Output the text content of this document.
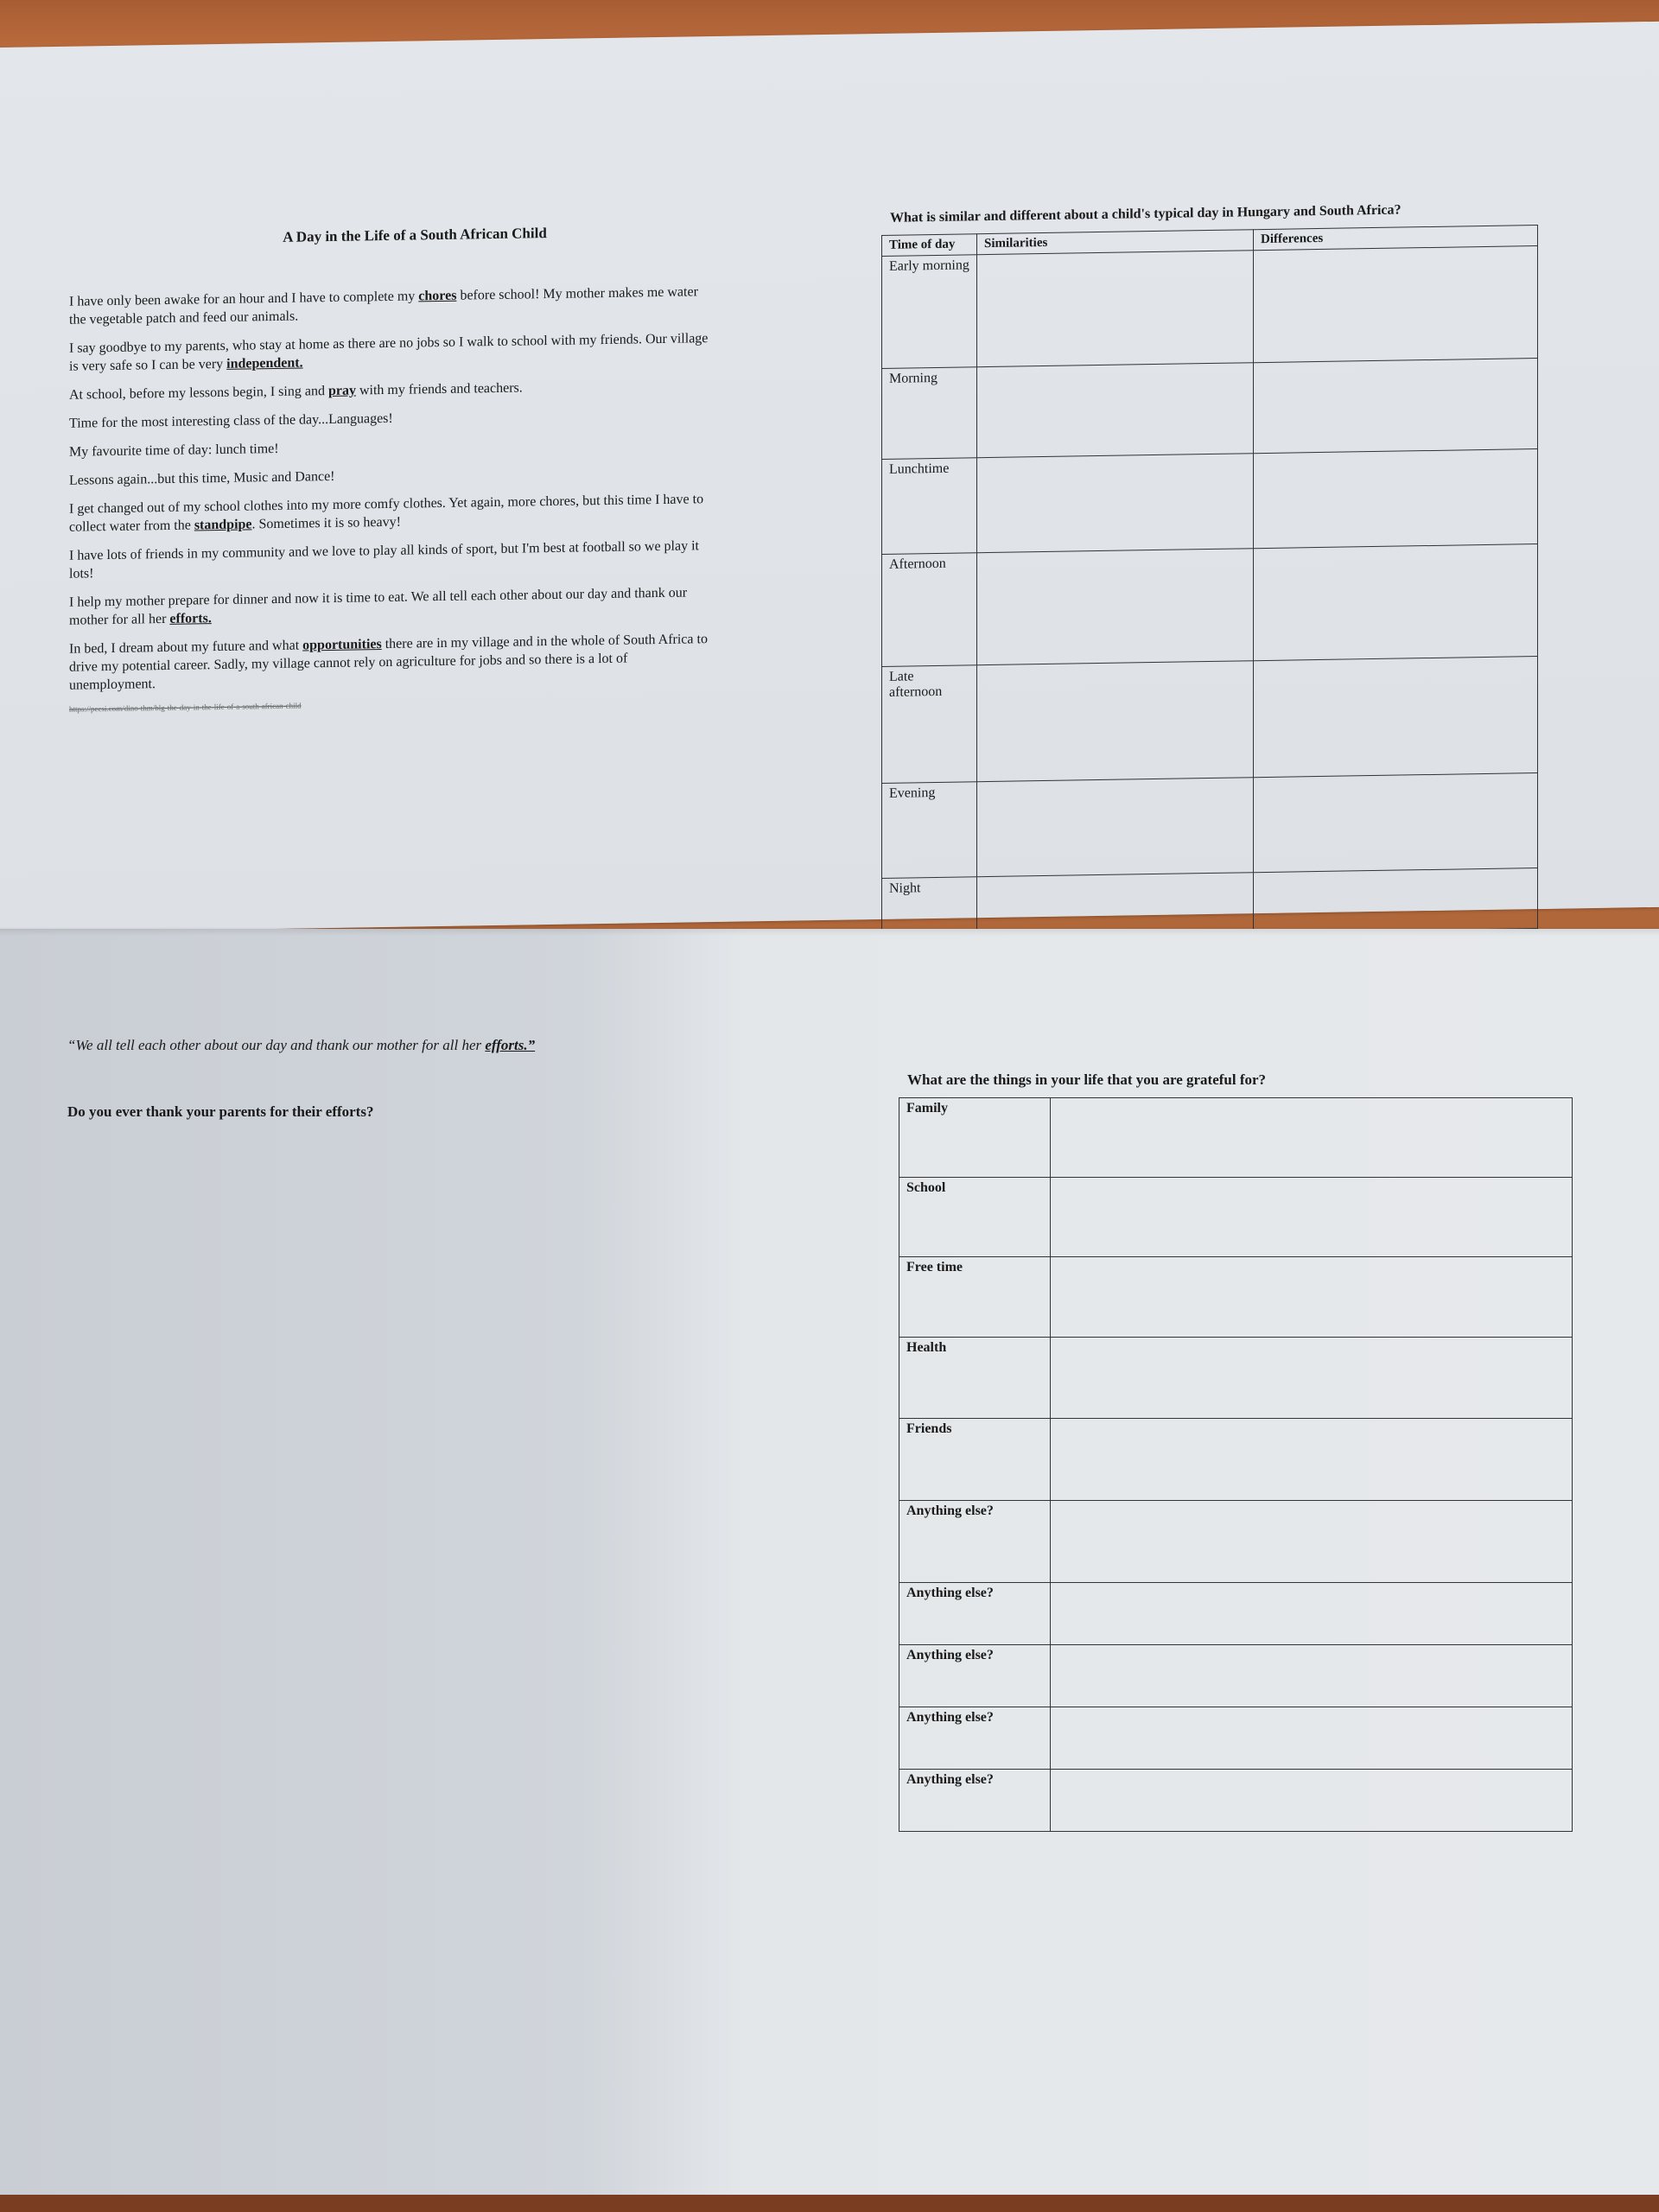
A Day in the Life of a South African Child

I have only been awake for an hour and I have to complete my chores before school! My mother makes me water the vegetable patch and feed our animals.

I say goodbye to my parents, who stay at home as there are no jobs so I walk to school with my friends. Our village is very safe so I can be very independent.

At school, before my lessons begin, I sing and pray with my friends and teachers.

Time for the most interesting class of the day...Languages!

My favourite time of day: lunch time!

Lessons again...but this time, Music and Dance!

I get changed out of my school clothes into my more comfy clothes. Yet again, more chores, but this time I have to collect water from the standpipe. Sometimes it is so heavy!

I have lots of friends in my community and we love to play all kinds of sport, but I'm best at football so we play it lots!

I help my mother prepare for dinner and now it is time to eat. We all tell each other about our day and thank our mother for all her efforts.

In bed, I dream about my future and what opportunities there are in my village and in the whole of South Africa to drive my potential career. Sadly, my village cannot rely on agriculture for jobs and so there is a lot of unemployment.

https://pecsi.com/dino-thm/blg-the-day-in-the-life-of-a-south-african-child
What is similar and different about a child's typical day in Hungary and South Africa?
Time of day	Similarities	Differences
Early morning		
Morning		
Lunchtime		
Afternoon		
Late afternoon		
Evening		
Night		
“We all tell each other about our day and thank our mother for all her efforts.”
Do you ever thank your parents for their efforts?
What are the things in your life that you are grateful for?
Family	
School	
Free time	
Health	
Friends	
Anything else?	
Anything else?	
Anything else?	
Anything else?	
Anything else?	
